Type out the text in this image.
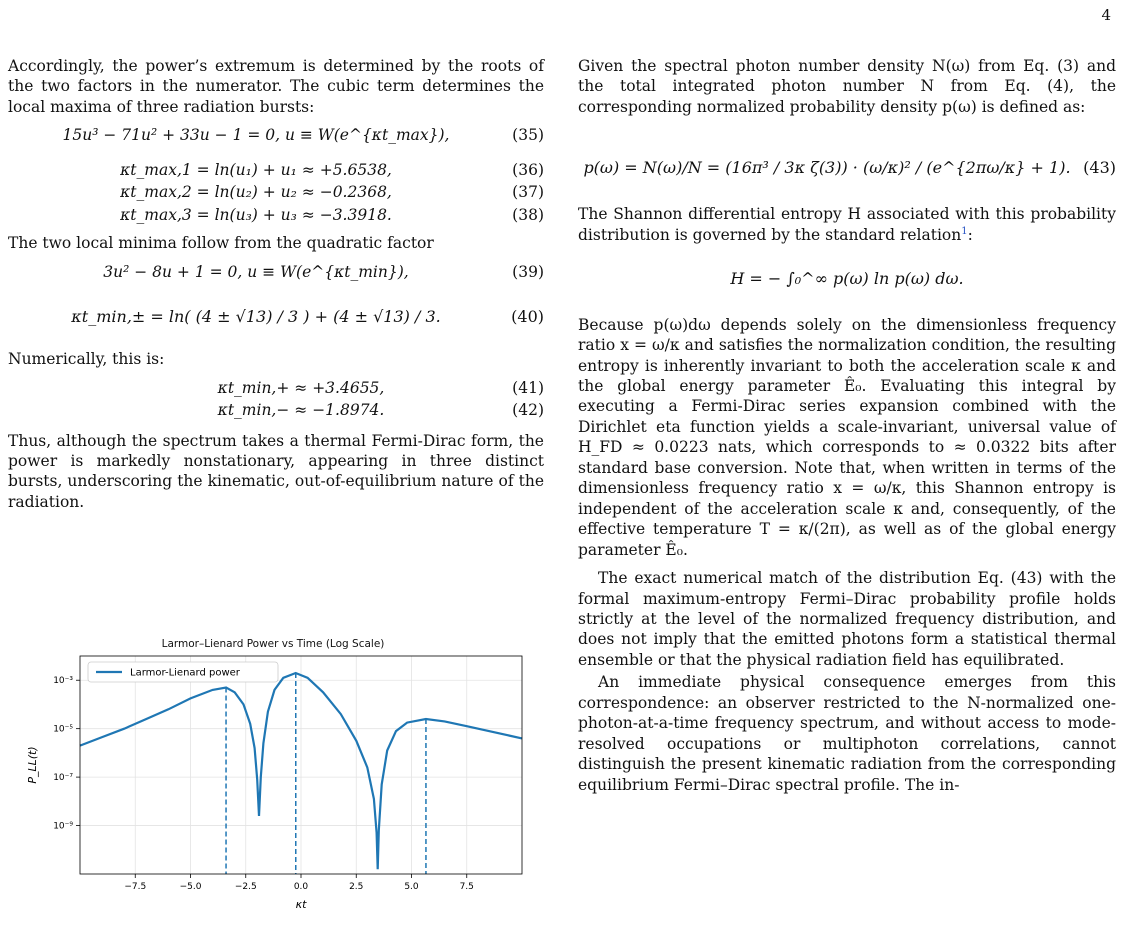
4

Accordingly, the power’s extremum is determined by the roots of the two factors in the numerator. The cubic term determines the local maxima of three radiation bursts:

15u³ − 71u² + 33u − 1 = 0, u ≡ W(e^{κt_max}),	(35)
κt_max,1 = ln(u₁) + u₁ ≈ +5.6538,	(36)
κt_max,2 = ln(u₂) + u₂ ≈ −0.2368,	(37)
κt_max,3 = ln(u₃) + u₃ ≈ −3.3918.	(38)

The two local minima follow from the quadratic factor

3u² − 8u + 1 = 0, u ≡ W(e^{κt_min}),	(39)
κt_min,± = ln( (4 ± √13) / 3 ) + (4 ± √13) / 3.	(40)

Numerically, this is:

κt_min,+ ≈ +3.4655,	(41)
κt_min,− ≈ −1.8974.	(42)

Thus, although the spectrum takes a thermal Fermi-Dirac form, the power is markedly nonstationary, appearing in three distinct bursts, underscoring the kinematic, out-of-equilibrium nature of the radiation.

Larmor–Lienard Power vs Time (Log Scale)
−7.5	−5.0	−2.5	0.0	2.5	5.0	7.5
10⁻³
10⁻⁵
10⁻⁷
10⁻⁹
Larmor-Lienard power
κt
P_LL(t)

Given the spectral photon number density N(ω) from Eq. (3) and the total integrated photon number N from Eq. (4), the corresponding normalized probability density p(ω) is defined as:

p(ω) = N(ω)/N = (16π³ / 3κ ζ(3)) · (ω/κ)² / (e^{2πω/κ} + 1). (43)

The Shannon differential entropy H associated with this probability distribution is governed by the standard relation$^1$:

H = − ∫₀^∞ p(ω) ln p(ω) dω.

Because p(ω)dω depends solely on the dimensionless frequency ratio x = ω/κ and satisfies the normalization condition, the resulting entropy is inherently invariant to both the acceleration scale κ and the global energy parameter Ê₀. Evaluating this integral by executing a Fermi-Dirac series expansion combined with the Dirichlet eta function yields a scale-invariant, universal value of H_FD ≈ 0.0223 nats, which corresponds to ≈ 0.0322 bits after standard base conversion. Note that, when written in terms of the dimensionless frequency ratio x = ω/κ, this Shannon entropy is independent of the acceleration scale κ and, consequently, of the effective temperature T = κ/(2π), as well as of the global energy parameter Ê₀.

The exact numerical match of the distribution Eq. (43) with the formal maximum-entropy Fermi–Dirac probability profile holds strictly at the level of the normalized frequency distribution, and does not imply that the emitted photons form a statistical thermal ensemble or that the physical radiation field has equilibrated.

An immediate physical consequence emerges from this correspondence: an observer restricted to the N-normalized one-photon-at-a-time frequency spectrum, and without access to mode-resolved occupations or multiphoton correlations, cannot distinguish the present kinematic radiation from the corresponding equilibrium Fermi–Dirac spectral profile. The in-
